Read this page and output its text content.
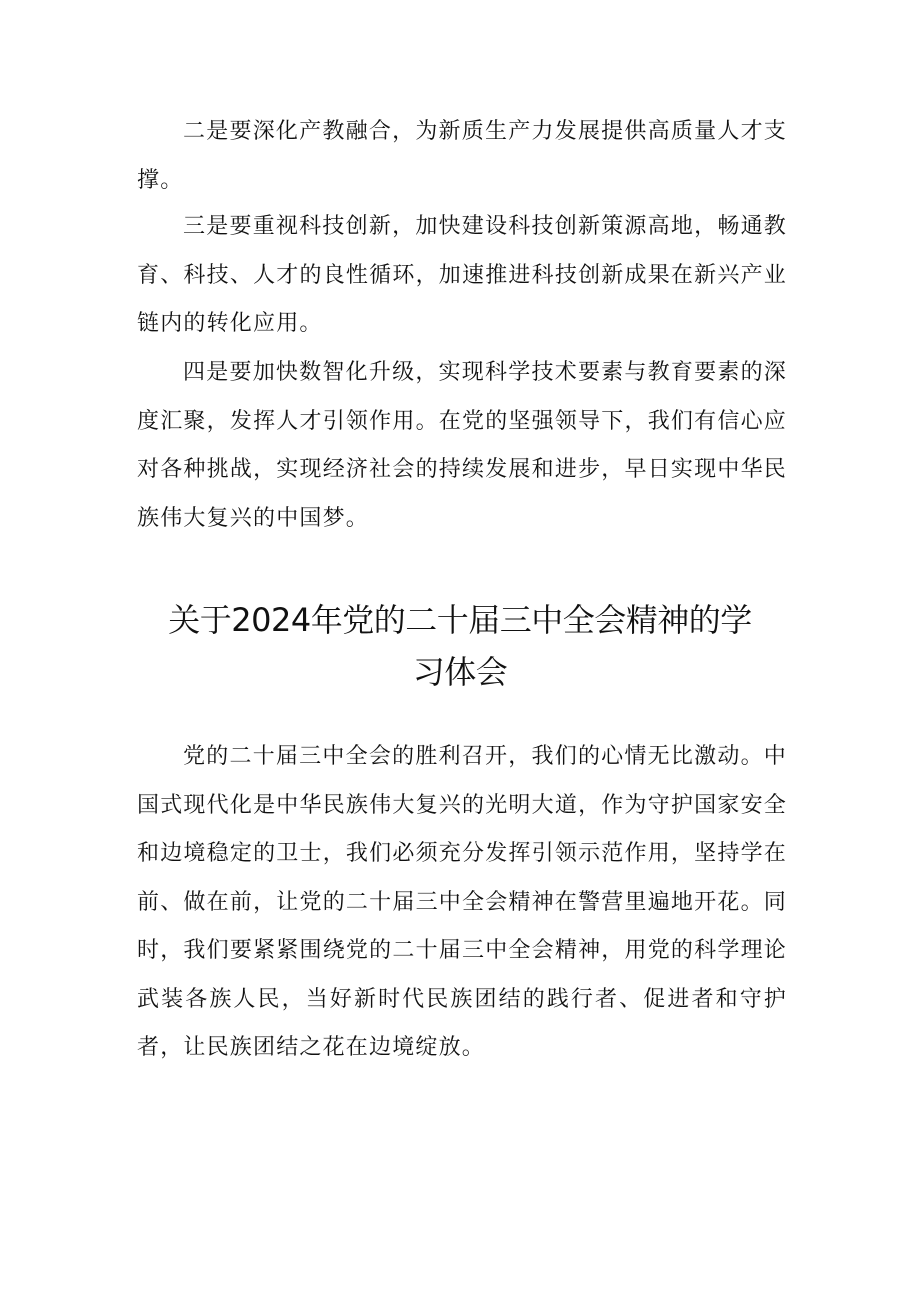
二是要深化产教融合，为新质生产力发展提供高质量人才支撑。

三是要重视科技创新，加快建设科技创新策源高地，畅通教育、科技、人才的良性循环，加速推进科技创新成果在新兴产业链内的转化应用。

四是要加快数智化升级，实现科学技术要素与教育要素的深度汇聚，发挥人才引领作用。在党的坚强领导下，我们有信心应对各种挑战，实现经济社会的持续发展和进步，早日实现中华民族伟大复兴的中国梦。

关于2024年党的二十届三中全会精神的学
习体会

党的二十届三中全会的胜利召开，我们的心情无比激动。中国式现代化是中华民族伟大复兴的光明大道，作为守护国家安全和边境稳定的卫士，我们必须充分发挥引领示范作用，坚持学在前、做在前，让党的二十届三中全会精神在警营里遍地开花。同时，我们要紧紧围绕党的二十届三中全会精神，用党的科学理论武装各族人民，当好新时代民族团结的践行者、促进者和守护者，让民族团结之花在边境绽放。
